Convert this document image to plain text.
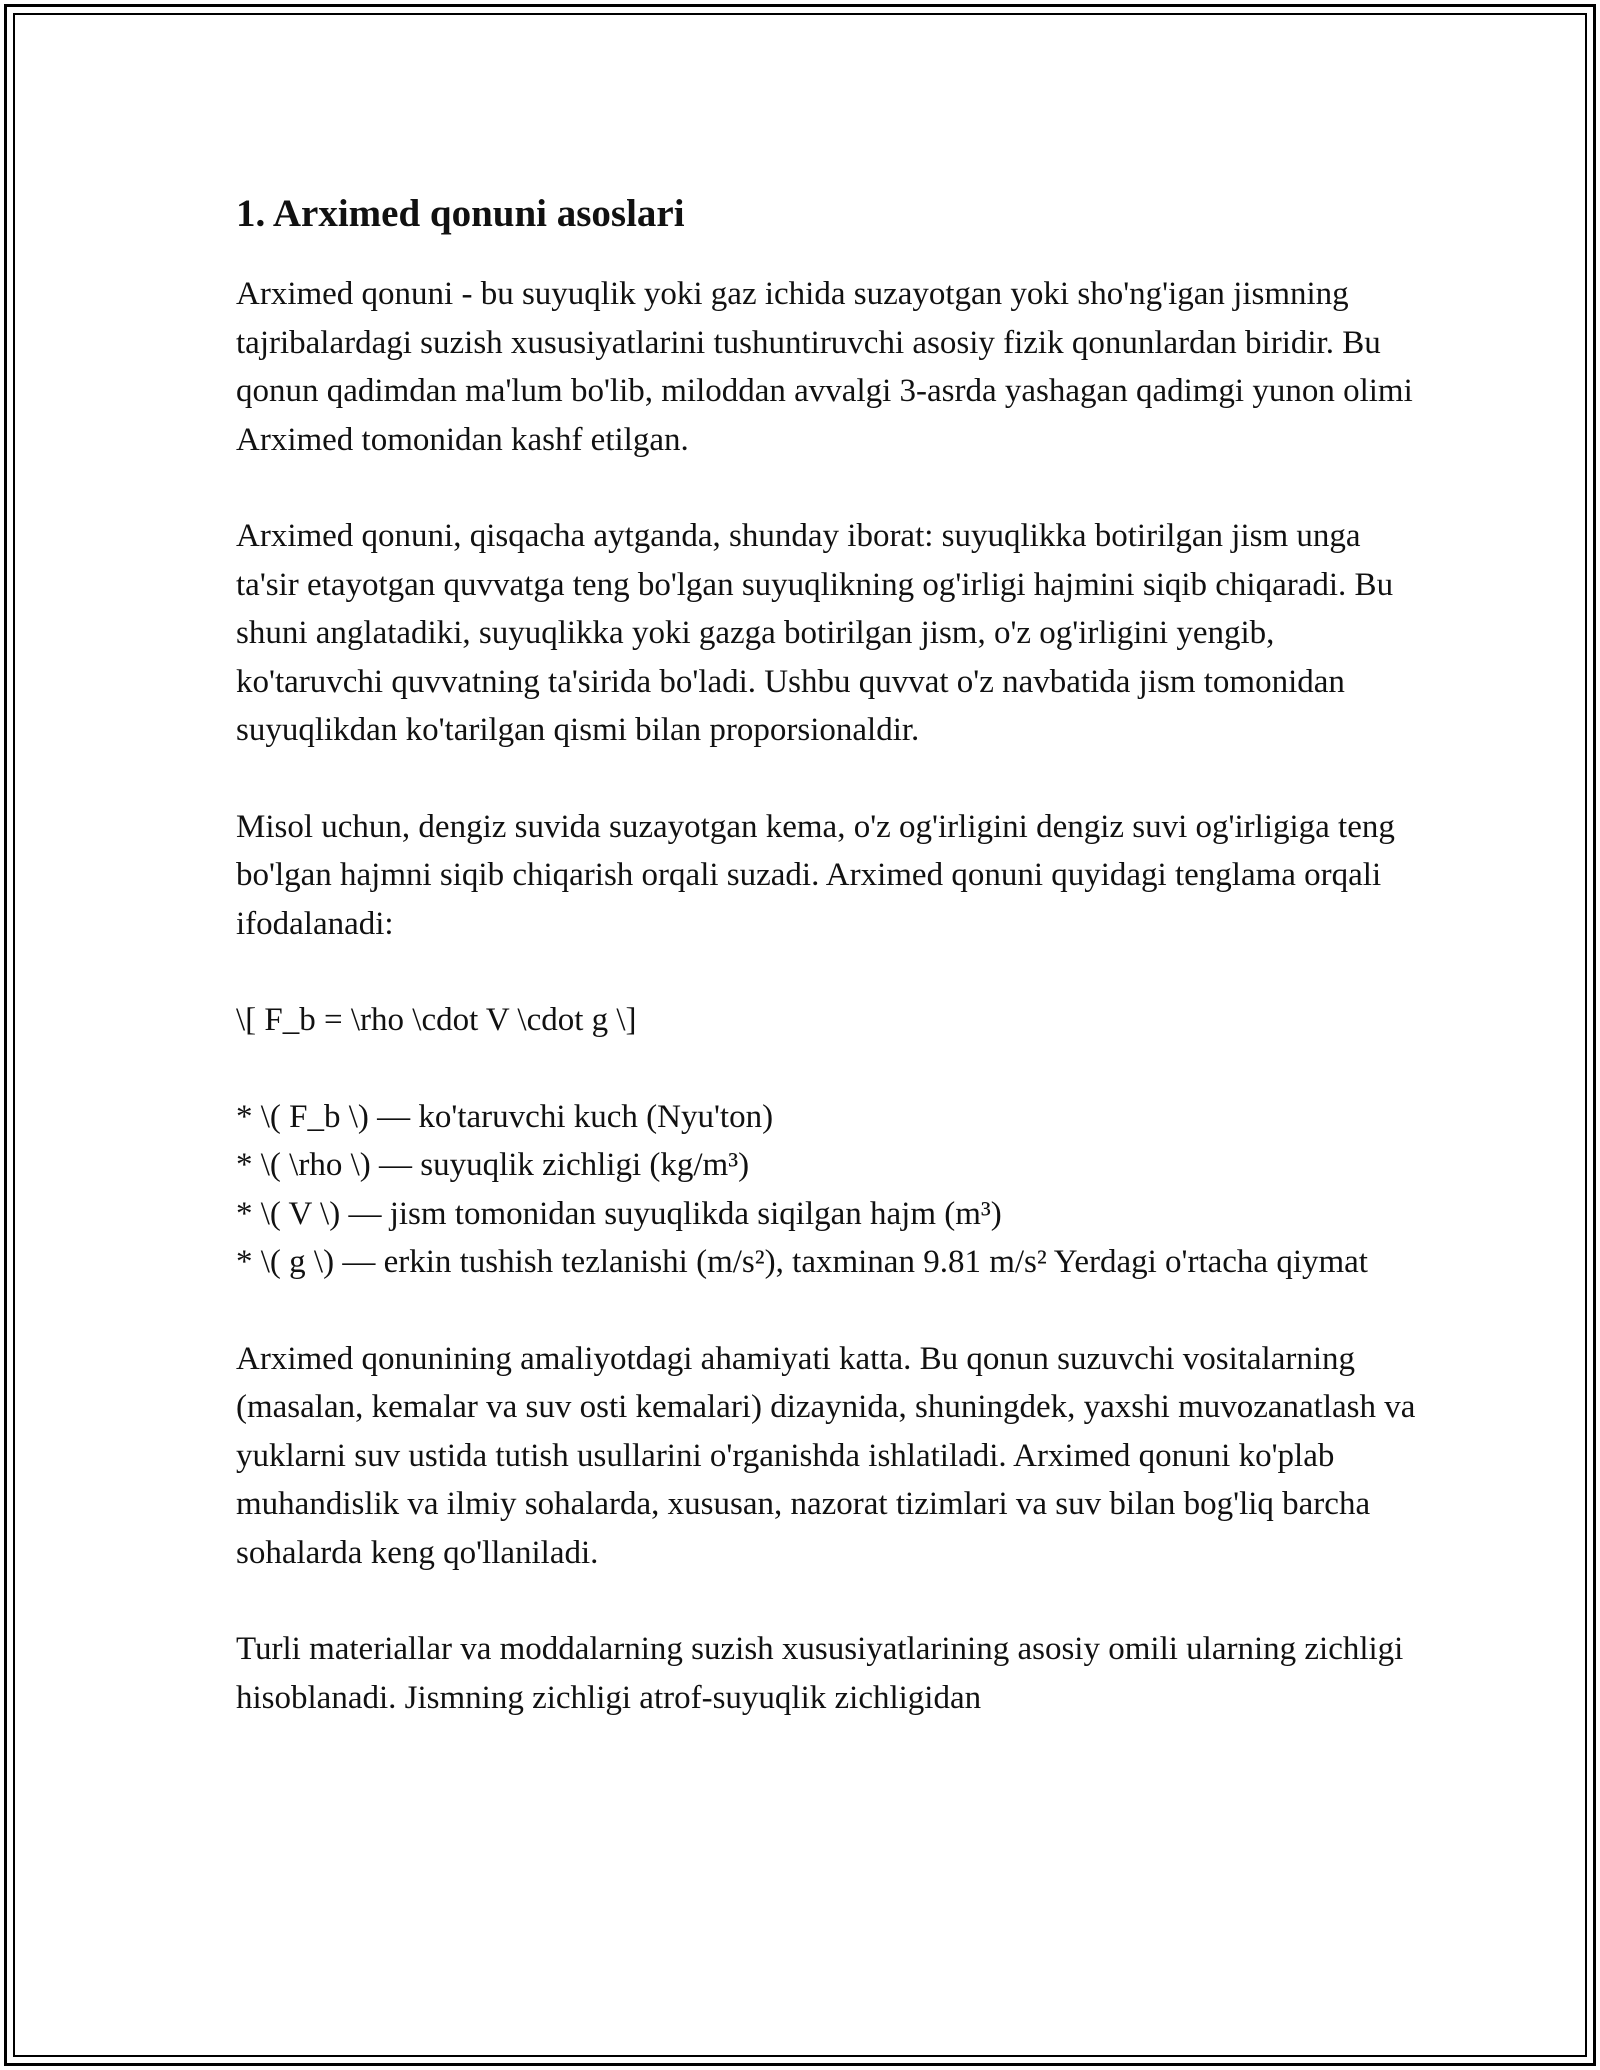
1. Arximed qonuni asoslari

Arximed qonuni - bu suyuqlik yoki gaz ichida suzayotgan yoki sho'ng'igan jismning tajribalardagi suzish xususiyatlarini tushuntiruvchi asosiy fizik qonunlardan biridir. Bu qonun qadimdan ma'lum bo'lib, miloddan avvalgi 3-asrda yashagan qadimgi yunon olimi Arximed tomonidan kashf etilgan.

Arximed qonuni, qisqacha aytganda, shunday iborat: suyuqlikka botirilgan jism unga ta'sir etayotgan quvvatga teng bo'lgan suyuqlikning og'irligi hajmini siqib chiqaradi. Bu shuni anglatadiki, suyuqlikka yoki gazga botirilgan jism, o'z og'irligini yengib, ko'taruvchi quvvatning ta'sirida bo'ladi. Ushbu quvvat o'z navbatida jism tomonidan suyuqlikdan ko'tarilgan qismi bilan proporsionaldir.

Misol uchun, dengiz suvida suzayotgan kema, o'z og'irligini dengiz suvi og'irligiga teng bo'lgan hajmni siqib chiqarish orqali suzadi. Arximed qonuni quyidagi tenglama orqali ifodalanadi:

\[ F_b = \rho \cdot V \cdot g \]

* \( F_b \) — ko'taruvchi kuch (Nyu'ton)
* \( \rho \) — suyuqlik zichligi (kg/m³)
* \( V \) — jism tomonidan suyuqlikda siqilgan hajm (m³)
* \( g \) — erkin tushish tezlanishi (m/s²), taxminan 9.81 m/s² Yerdagi o'rtacha qiymat

Arximed qonunining amaliyotdagi ahamiyati katta. Bu qonun suzuvchi vositalarning (masalan, kemalar va suv osti kemalari) dizaynida, shuningdek, yaxshi muvozanatlash va yuklarni suv ustida tutish usullarini o'rganishda ishlatiladi. Arximed qonuni ko'plab muhandislik va ilmiy sohalarda, xususan, nazorat tizimlari va suv bilan bog'liq barcha sohalarda keng qo'llaniladi.

Turli materiallar va moddalarning suzish xususiyatlarining asosiy omili ularning zichligi hisoblanadi. Jismning zichligi atrof-suyuqlik zichligidan
